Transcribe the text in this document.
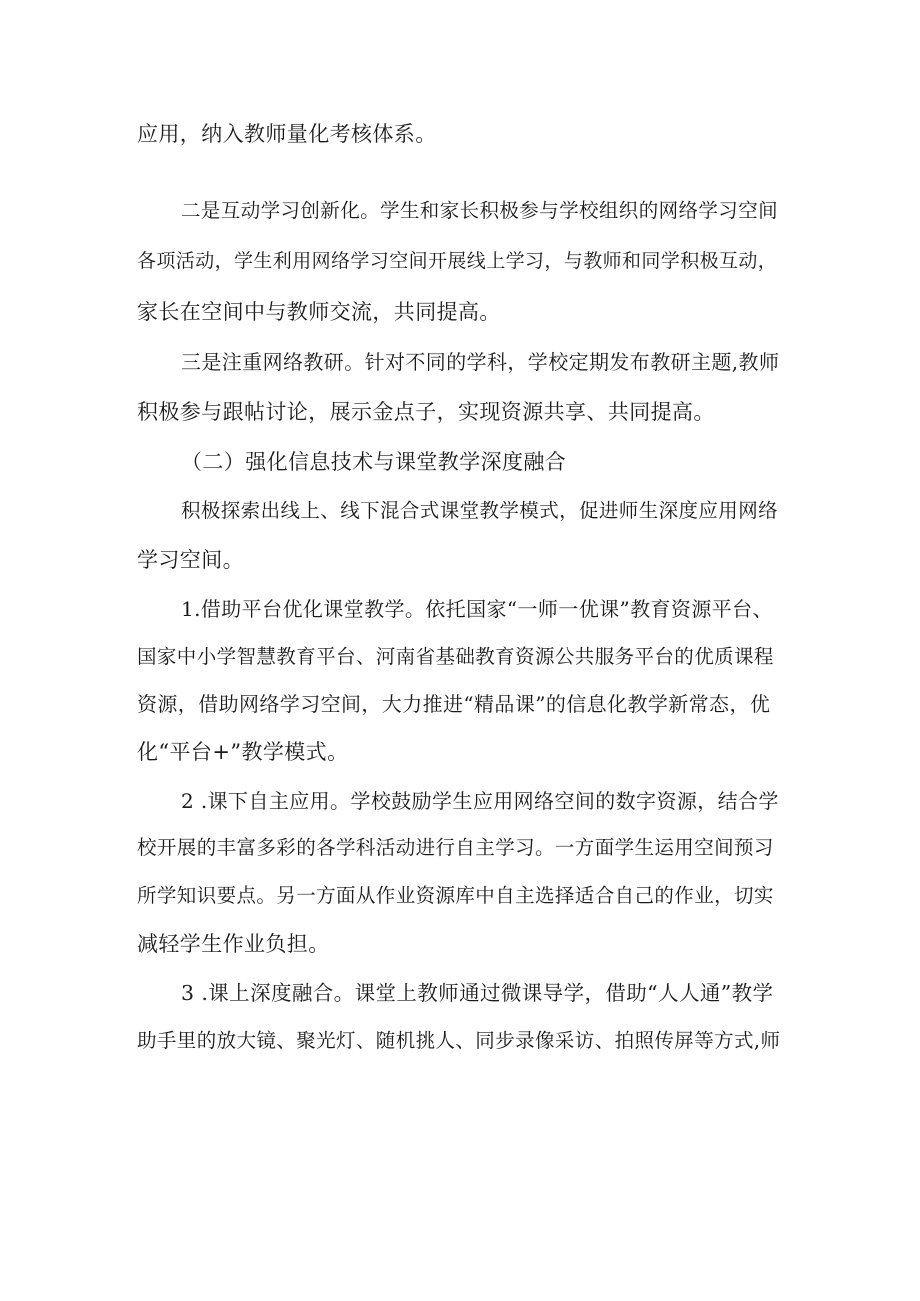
应用，纳入教师量化考核体系。

二是互动学习创新化。学生和家长积极参与学校组织的网络学习空间

各项活动，学生利用网络学习空间开展线上学习，与教师和同学积极互动，

家长在空间中与教师交流，共同提高。

三是注重网络教研。针对不同的学科，学校定期发布教研主题,教师

积极参与跟帖讨论，展示金点子，实现资源共享、共同提高。

（二）强化信息技术与课堂教学深度融合

积极探索出线上、线下混合式课堂教学模式，促进师生深度应用网络

学习空间。

1.借助平台优化课堂教学。依托国家“一师一优课”教育资源平台、

国家中小学智慧教育平台、河南省基础教育资源公共服务平台的优质课程

资源，借助网络学习空间，大力推进“精品课”的信息化教学新常态，优

化“平台+”教学模式。

2 .课下自主应用。学校鼓励学生应用网络空间的数字资源，结合学

校开展的丰富多彩的各学科活动进行自主学习。一方面学生运用空间预习

所学知识要点。另一方面从作业资源库中自主选择适合自己的作业，切实

减轻学生作业负担。

3 .课上深度融合。课堂上教师通过微课导学，借助“人人通”教学

助手里的放大镜、聚光灯、随机挑人、同步录像采访、拍照传屏等方式,师
